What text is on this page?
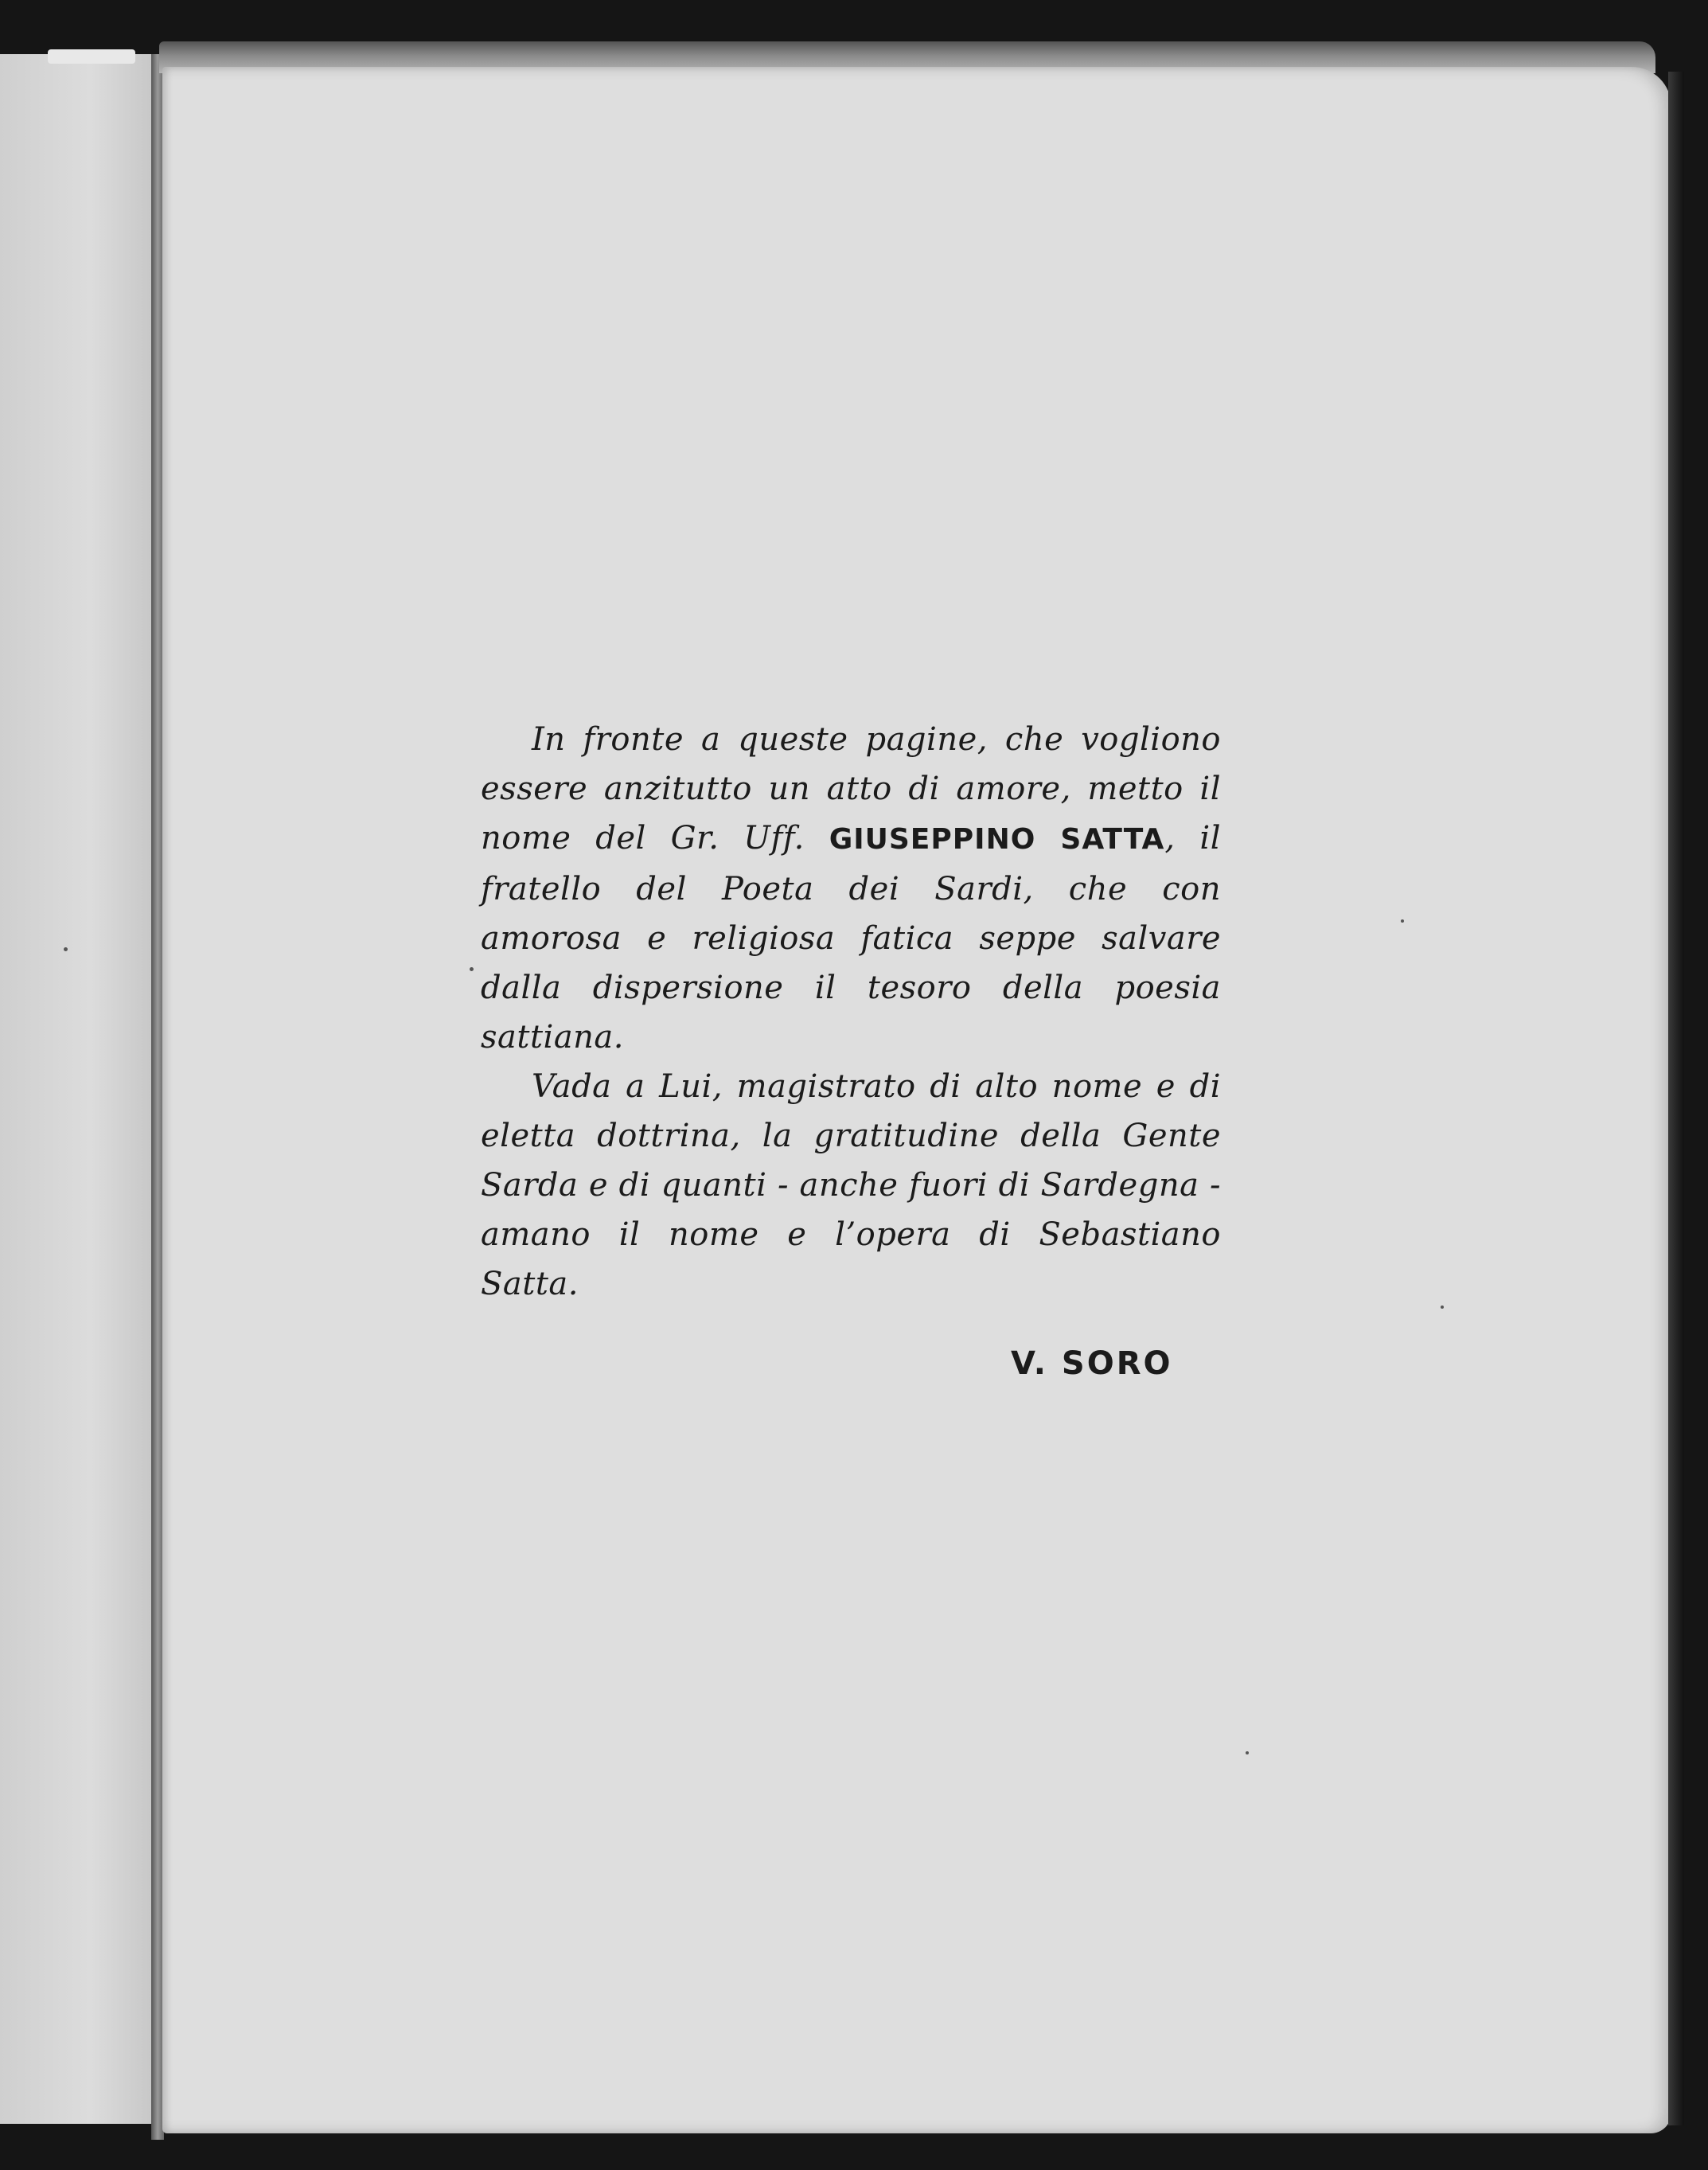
In fronte a queste pagine, che vogliono essere anzitutto un atto di amore, metto il nome del Gr. Uff. GIUSEPPINO SATTA, il fratello del Poeta dei Sardi, che con amorosa e religiosa fatica seppe salvare dalla dispersione il tesoro della poesia sattiana.

Vada a Lui, magistrato di alto nome e di eletta dottrina, la gratitudine della Gente Sarda e di quanti - anche fuori di Sardegna - amano il nome e l’opera di Sebastiano Satta.

V. SORO
